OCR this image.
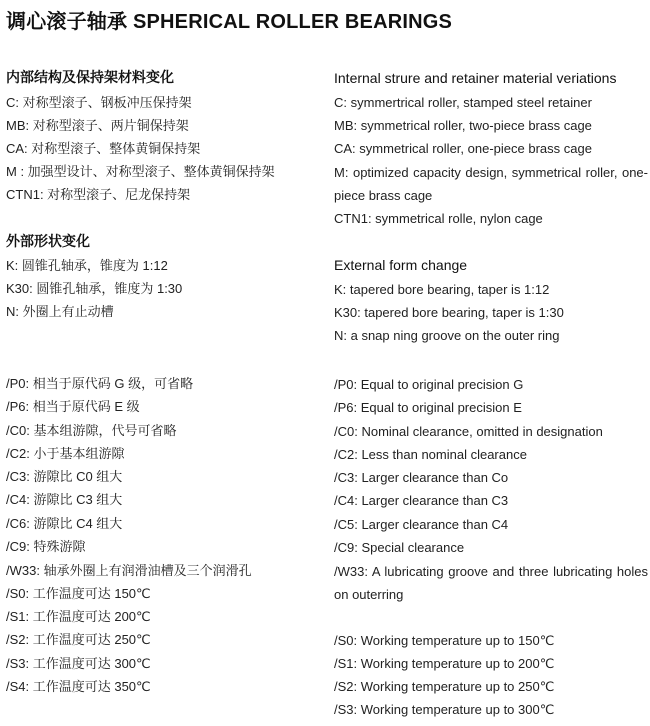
调心滚子轴承 SPHERICAL ROLLER BEARINGS
内部结构及保持架材料变化
C: 对称型滚子、钢板冲压保持架
MB: 对称型滚子、两片铜保持架
CA: 对称型滚子、整体黄铜保持架
M : 加强型设计、对称型滚子、整体黄铜保持架
CTN1: 对称型滚子、尼龙保持架
外部形状变化
K: 圆锥孔轴承，锥度为 1:12
K30: 圆锥孔轴承，锥度为 1:30
N: 外圈上有止动槽
/P0: 相当于原代码 G 级，可省略
/P6: 相当于原代码 E 级
/C0: 基本组游隙，代号可省略
/C2: 小于基本组游隙
/C3: 游隙比 C0 组大
/C4: 游隙比 C3 组大
/C6: 游隙比 C4 组大
/C9: 特殊游隙
/W33: 轴承外圈上有润滑油槽及三个润滑孔
/S0: 工作温度可达 150℃
/S1: 工作温度可达 200℃
/S2: 工作温度可达 250℃
/S3: 工作温度可达 300℃
/S4: 工作温度可达 350℃
Internal strure and retainer material veriations
C: symmertrical roller, stamped steel retainer
MB: symmetrical roller, two-piece brass cage
CA: symmetrical roller, one-piece brass cage
M: optimized capacity design, symmetrical roller, one-piece brass cage
CTN1: symmetrical rolle, nylon cage
External form change
K: tapered bore bearing, taper is 1:12
K30: tapered bore bearing, taper is 1:30
N: a snap ning groove on the outer ring
/P0: Equal to original precision G
/P6: Equal to original precision E
/C0: Nominal clearance, omitted in designation
/C2: Less than nominal clearance
/C3: Larger clearance than Co
/C4: Larger clearance than C3
/C5: Larger clearance than C4
/C9: Special clearance
/W33: A lubricating groove and three lubricating holes on outerring
/S0: Working temperature up to 150℃
/S1: Working temperature up to 200℃
/S2: Working temperature up to 250℃
/S3: Working temperature up to 300℃
